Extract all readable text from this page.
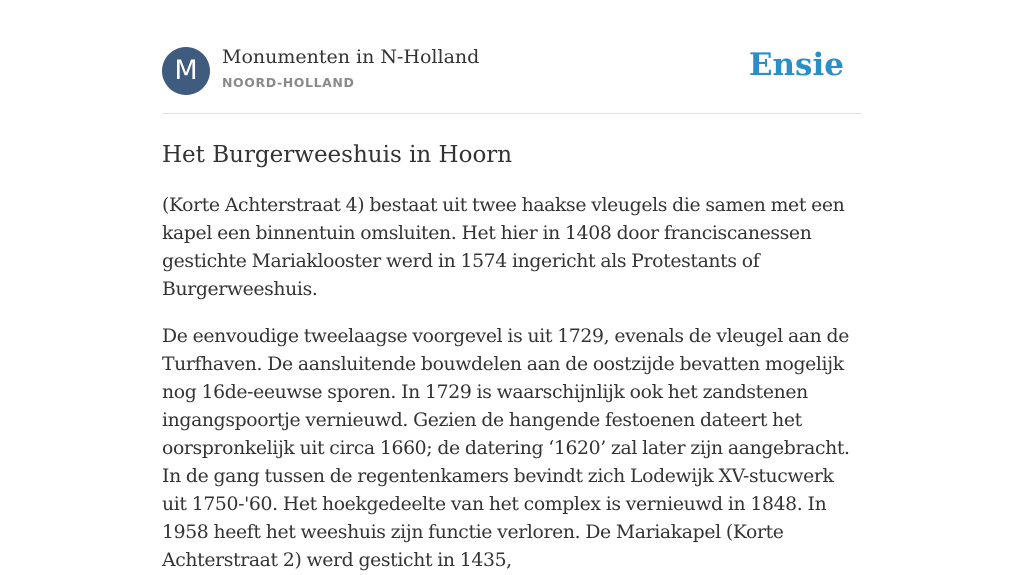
M	Monumenten in N-Holland
NOORD-HOLLAND	Ensie
Het Burgerweeshuis in Hoorn

(Korte Achterstraat 4) bestaat uit twee haakse vleugels die samen met een kapel een binnentuin omsluiten. Het hier in 1408 door franciscanessen gestichte Mariaklooster werd in 1574 ingericht als Protestants of Burgerweeshuis.

De eenvoudige tweelaagse voorgevel is uit 1729, evenals de vleugel aan de Turfhaven. De aansluitende bouwdelen aan de oostzijde bevatten mogelijk nog 16de-eeuwse sporen. In 1729 is waarschijnlijk ook het zandstenen ingangspoortje vernieuwd. Gezien de hangende festoenen dateert het oorspronkelijk uit circa 1660; de datering ‘1620’ zal later zijn aangebracht. In de gang tussen de regentenkamers bevindt zich Lodewijk XV-stucwerk uit 1750-'60. Het hoekgedeelte van het complex is vernieuwd in 1848. In 1958 heeft het weeshuis zijn functie verloren. De Mariakapel (Korte Achterstraat 2) werd gesticht in 1435,
